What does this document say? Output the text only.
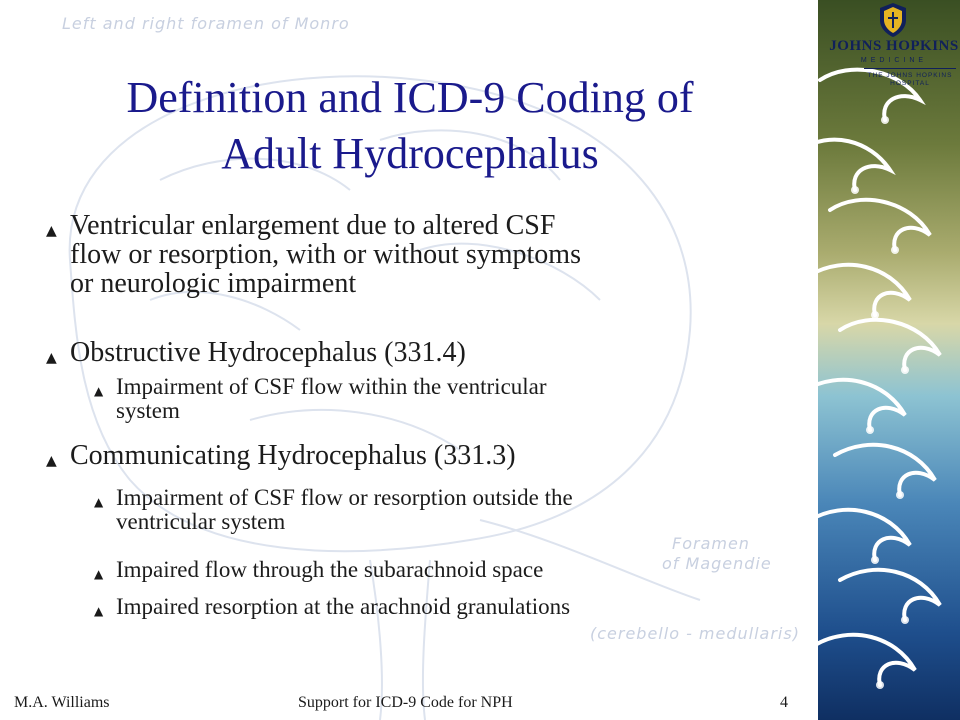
Left and right foramen of Monro
Foramen
of Magendie
(cerebello - medullaris)
JOHNS HOPKINS
MEDICINE
THE JOHNS HOPKINS
HOSPITAL
Definition and ICD-9 Coding of
Adult Hydrocephalus
▲ Ventricular enlargement due to altered CSF
flow or resorption, with or without symptoms
or neurologic impairment
▲ Obstructive Hydrocephalus (331.4)
▲ Impairment of CSF flow within the ventricular
system
▲ Communicating Hydrocephalus (331.3)
▲ Impairment of CSF flow or resorption outside the
ventricular system
▲ Impaired flow through the subarachnoid space
▲ Impaired resorption at the arachnoid granulations
M.A. Williams	Support for ICD-9 Code for NPH	4
